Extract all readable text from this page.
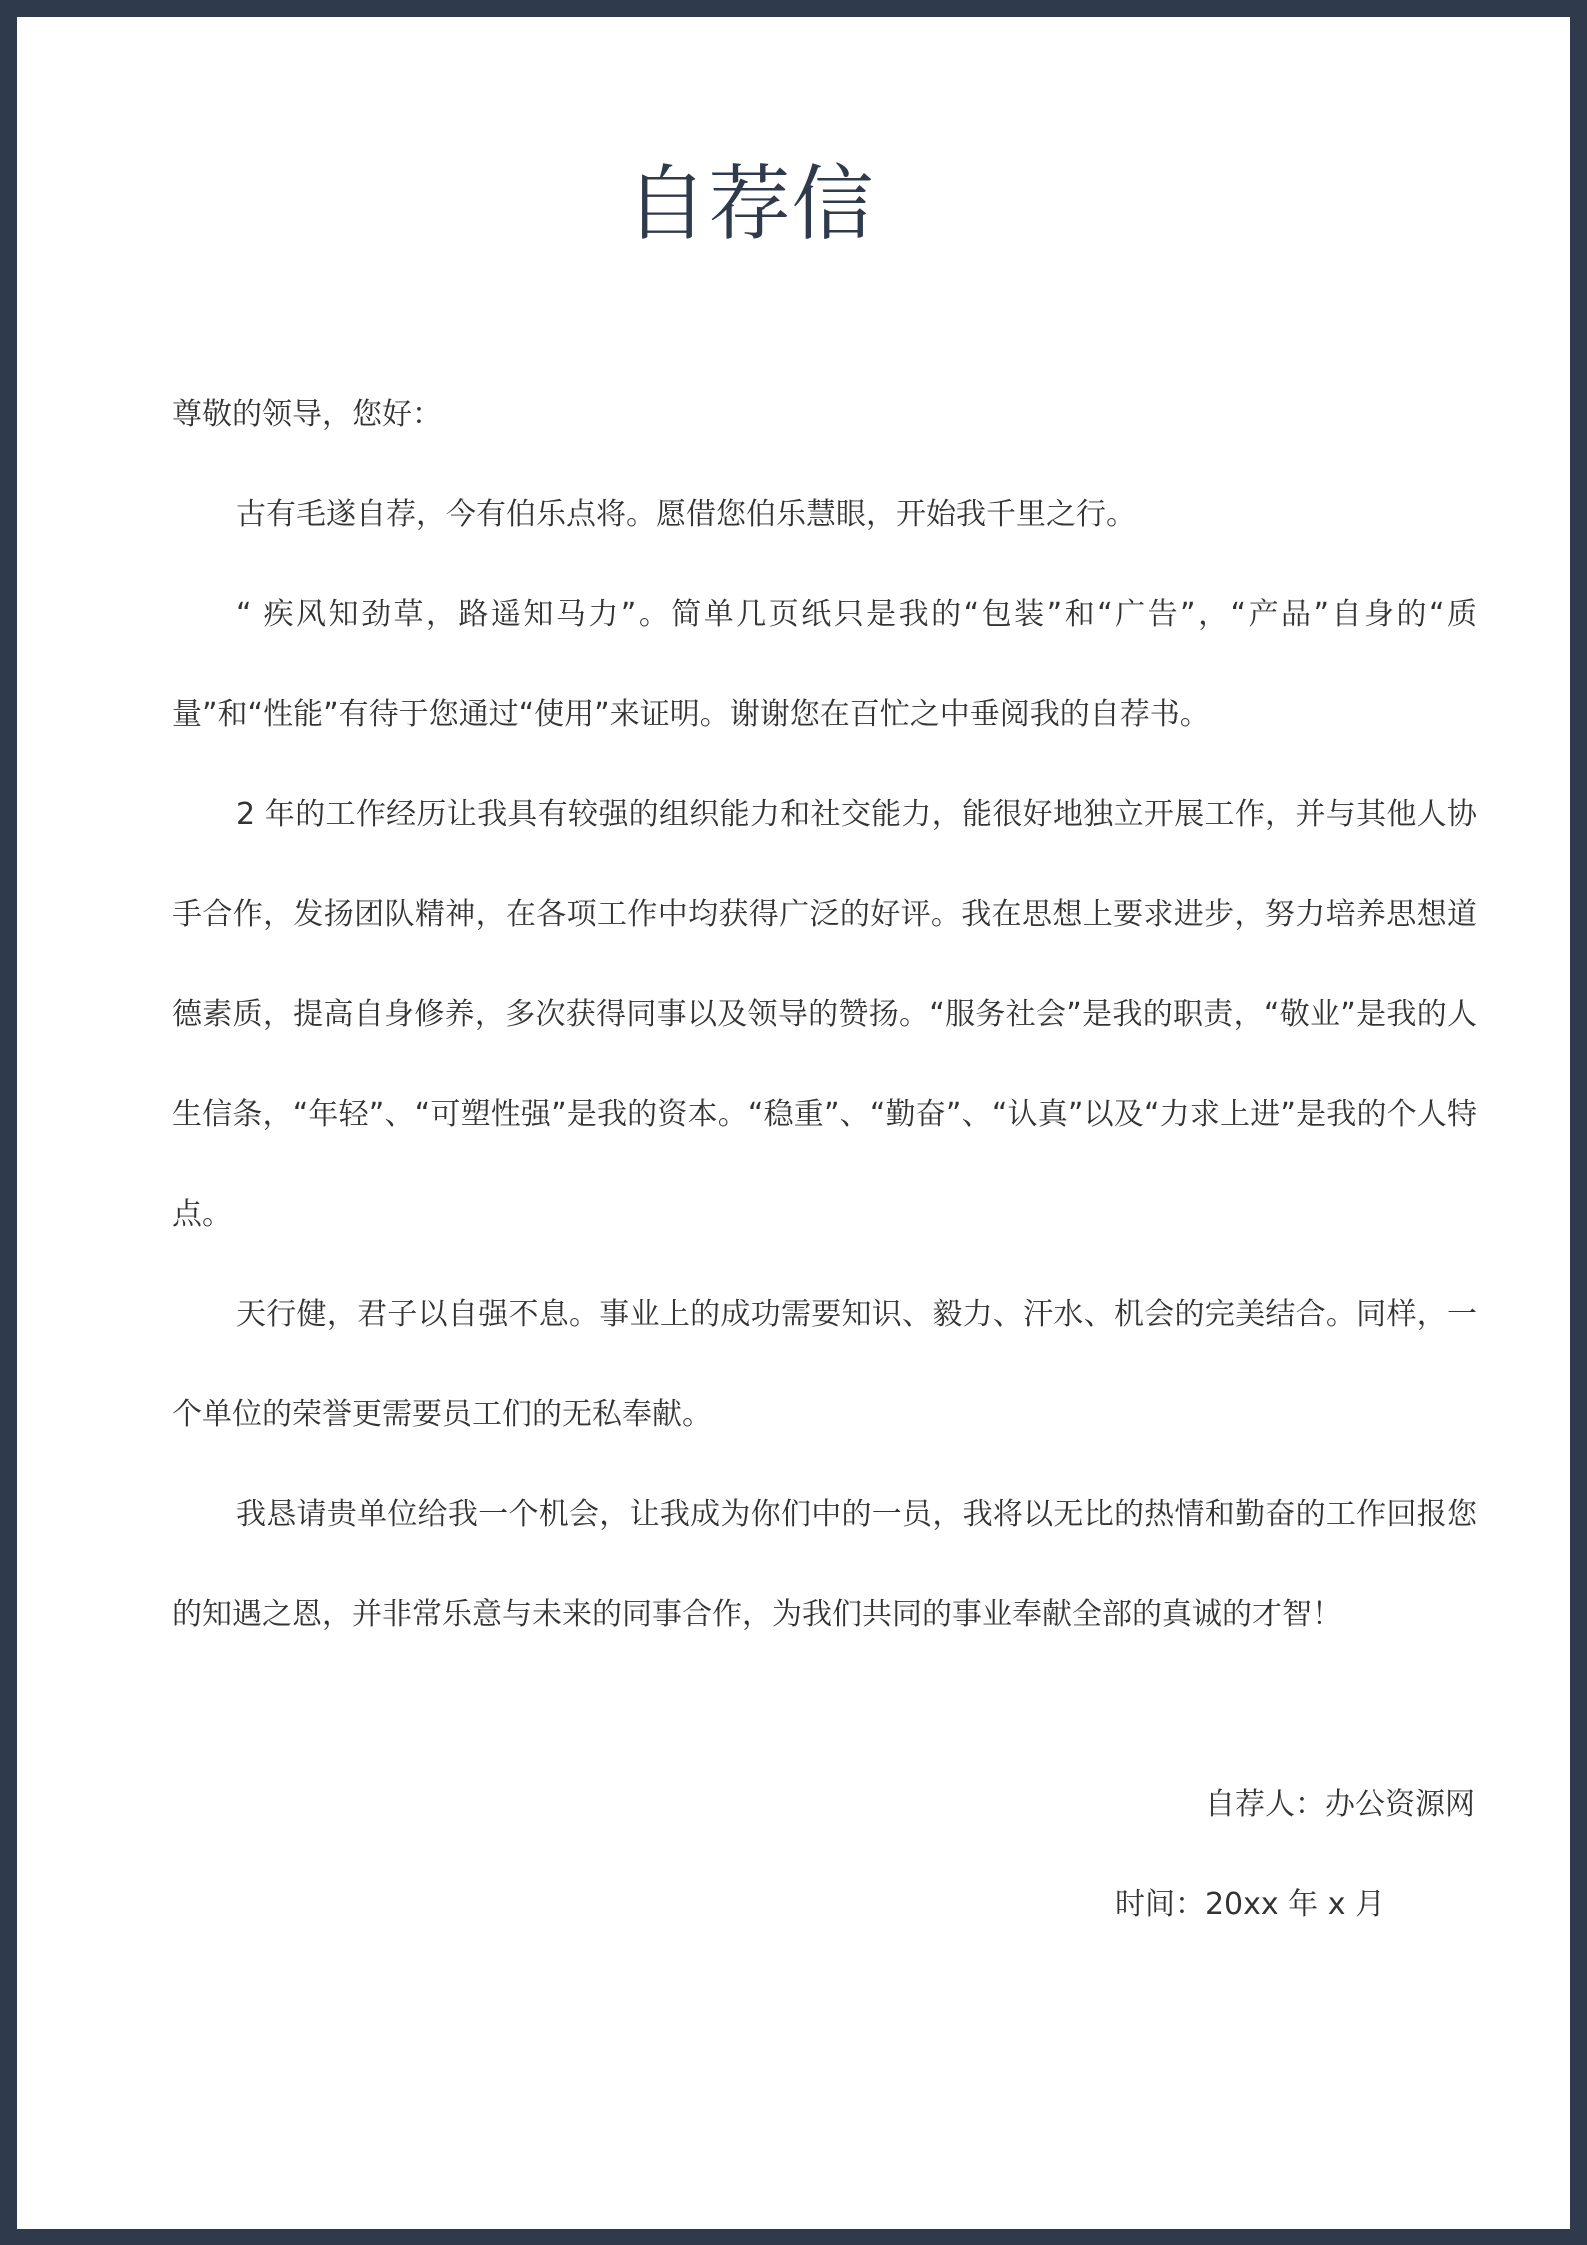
自荐信

尊敬的领导，您好：

古有毛遂自荐，今有伯乐点将。愿借您伯乐慧眼，开始我千里之行。

“ 疾风知劲草，路遥知马力”。简单几页纸只是我的“包装”和“广告”，“产品”自身的“质量”和“性能”有待于您通过“使用”来证明。谢谢您在百忙之中垂阅我的自荐书。

2 年的工作经历让我具有较强的组织能力和社交能力，能很好地独立开展工作，并与其他人协手合作，发扬团队精神，在各项工作中均获得广泛的好评。我在思想上要求进步，努力培养思想道德素质，提高自身修养，多次获得同事以及领导的赞扬。“服务社会”是我的职责，“敬业”是我的人生信条，“年轻”、“可塑性强”是我的资本。“稳重”、“勤奋”、“认真”以及“力求上进”是我的个人特点。

天行健，君子以自强不息。事业上的成功需要知识、毅力、汗水、机会的完美结合。同样，一个单位的荣誉更需要员工们的无私奉献。

我恳请贵单位给我一个机会，让我成为你们中的一员，我将以无比的热情和勤奋的工作回报您的知遇之恩，并非常乐意与未来的同事合作，为我们共同的事业奉献全部的真诚的才智！

自荐人：办公资源网
时间：20xx 年 x 月
